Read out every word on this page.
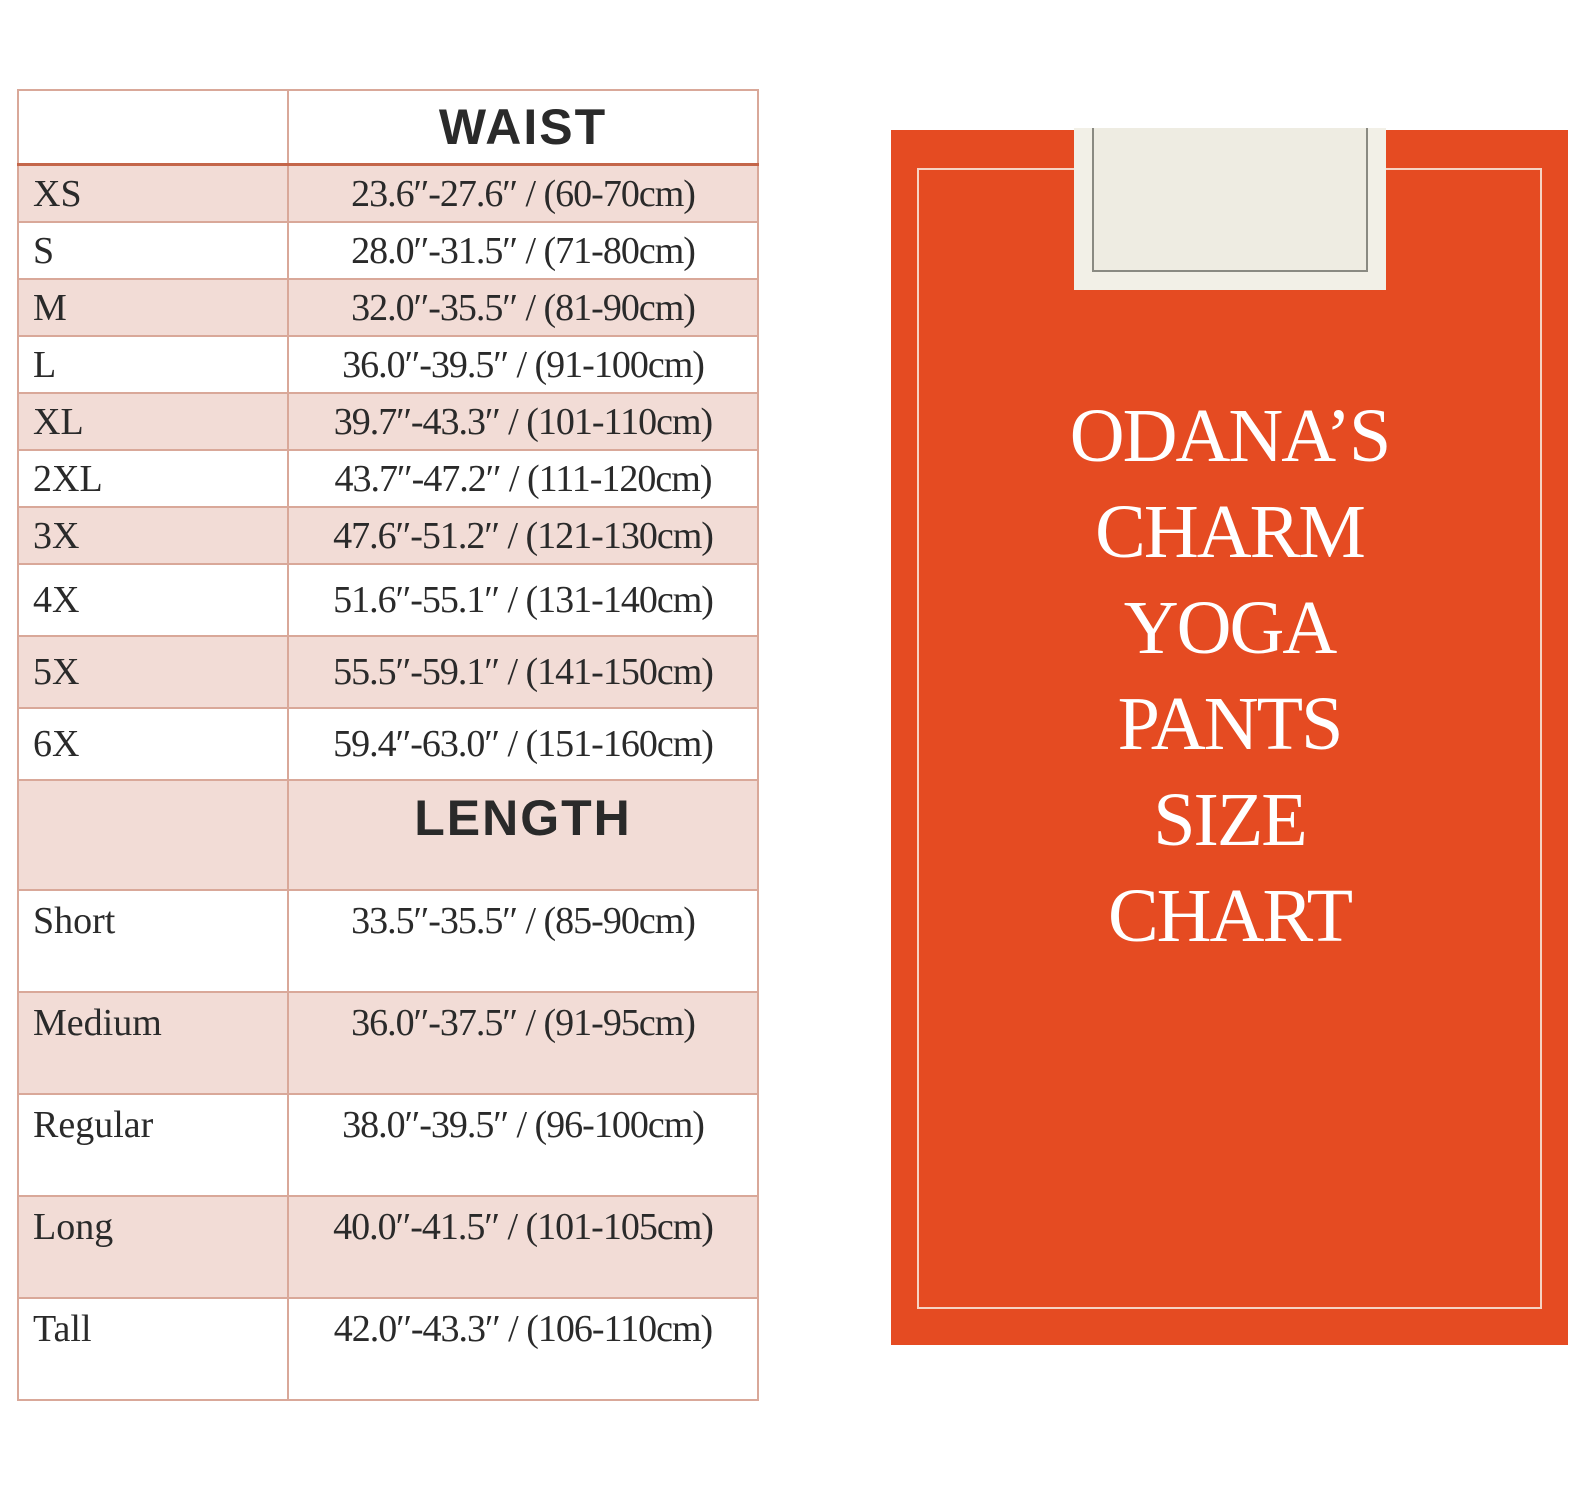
	WAIST
XS	23.6′′-27.6′′ / (60-70cm)
S	28.0′′-31.5′′ / (71-80cm)
M	32.0′′-35.5′′ / (81-90cm)
L	36.0′′-39.5′′ / (91-100cm)
XL	39.7′′-43.3′′ / (101-110cm)
2XL	43.7′′-47.2′′ / (111-120cm)
3X	47.6′′-51.2′′ / (121-130cm)
4X	51.6′′-55.1′′ / (131-140cm)
5X	55.5′′-59.1′′ / (141-150cm)
6X	59.4′′-63.0′′ / (151-160cm)
	LENGTH
Short	33.5′′-35.5′′ / (85-90cm)
Medium	36.0′′-37.5′′ / (91-95cm)
Regular	38.0′′-39.5′′ / (96-100cm)
Long	40.0′′-41.5′′ / (101-105cm)
Tall	42.0′′-43.3′′ / (106-110cm)
ODANA’S
CHARM
YOGA
PANTS
SIZE
CHART
